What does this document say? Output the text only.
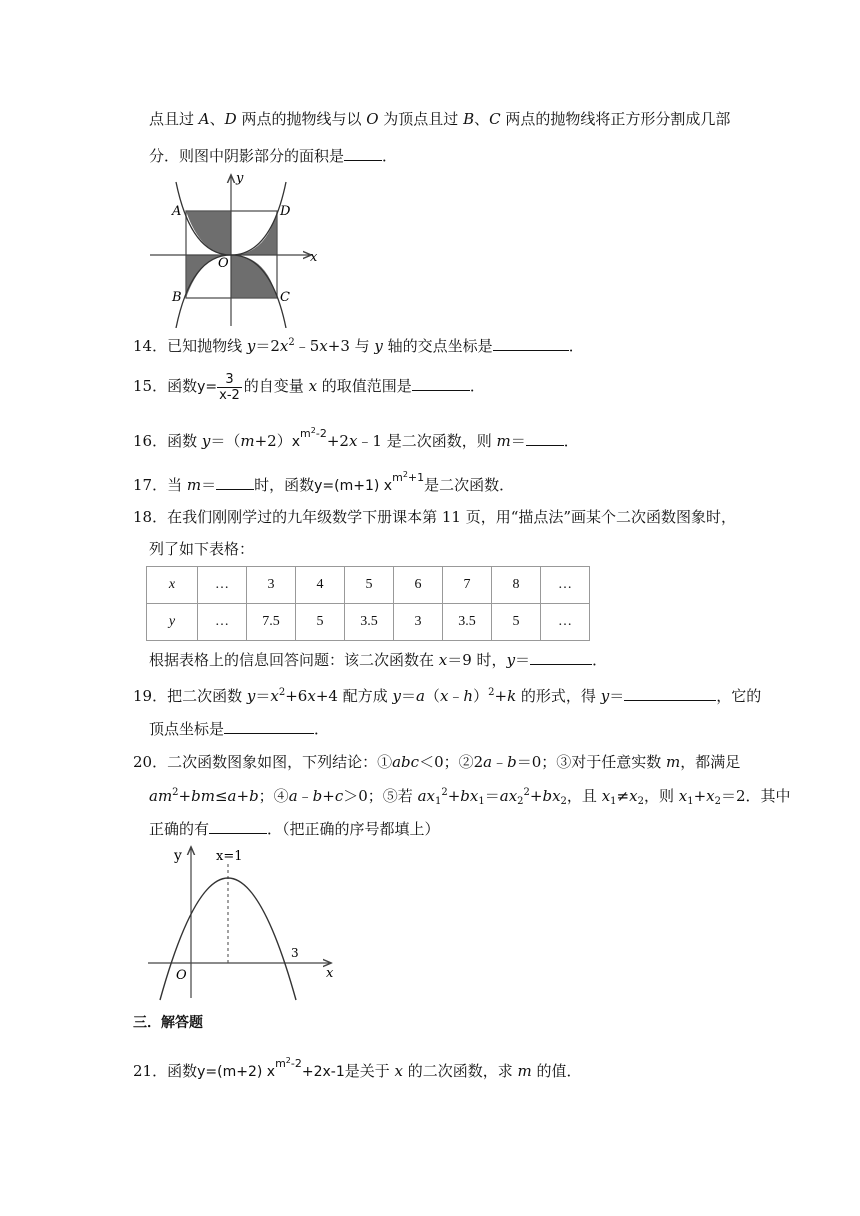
点且过 A、D 两点的抛物线与以 O 为顶点且过 B、C 两点的抛物线将正方形分割成几部
分．则图中阴影部分的面积是	．
A	D
B	C
O	x
y
14．已知抛物线 $y=2x^2﹣5x+3$ 与 y 轴的交点坐标是	．
15．函数$y= \frac{3}{x-2}$ 的自变量 x 的取值范围是	．
16．函数 $y=(m+2)x^{m2-2}+2x﹣1$ 是二次函数，则 m＝	．
17．当 m＝	时，函数y=(m+1) $x^{m2+1}$是二次函数．
18．在我们刚刚学过的九年级数学下册课本第 11 页，用“描点法”画某个二次函数图象时，
列了如下表格：
x	…	3	4	5	6	7	8	…
y	…	7.5	5	3.5	3	3.5	5	…
根据表格上的信息回答问题：该二次函数在 x＝9 时，y＝	．
19．把二次函数 $y=x^2+6x+4$ 配方成 y＝a（x﹣h）$^2$+k 的形式，得 y＝	，它的
顶点坐标是	．
20．二次函数图象如图，下列结论：①abc＜0；②2a﹣b＝0；③对于任意实数 m，都满足
$am^2+bm\le a+b$；④a﹣b+c＞0；⑤若 $ax_1^2+bx_1=ax_2^2+bx_2$，且 $x_1\ne x_2$，则 $x_1+x_2=2$．其中
正确的有	．（把正确的序号都填上）
y	x=1
O
3
x
三．解答题
21．函数y=(m+2) $x^{m2-2}+2x-1$是关于 x 的二次函数，求 m 的值．
